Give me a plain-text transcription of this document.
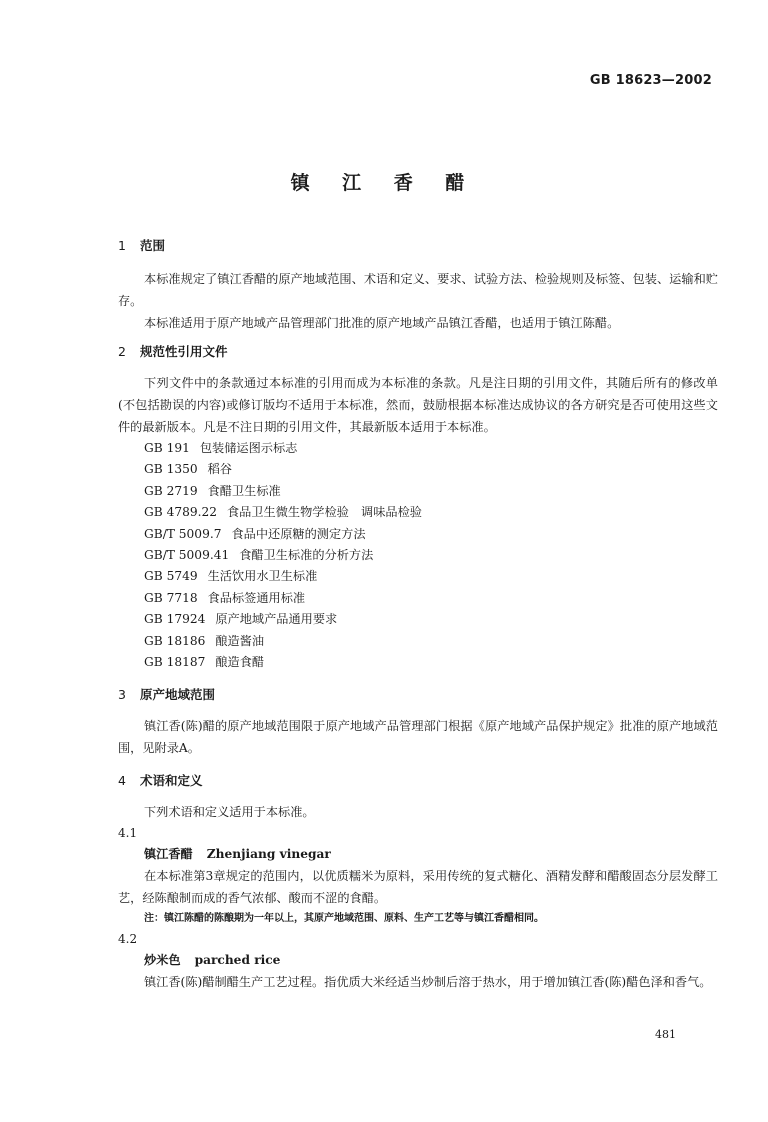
GB 18623—2002
镇 江 香 醋
1 范围

本标准规定了镇江香醋的原产地域范围、术语和定义、要求、试验方法、检验规则及标签、包装、运输和贮存。

本标准适用于原产地域产品管理部门批准的原产地域产品镇江香醋，也适用于镇江陈醋。

2 规范性引用文件

下列文件中的条款通过本标准的引用而成为本标准的条款。凡是注日期的引用文件，其随后所有的修改单(不包括勘误的内容)或修订版均不适用于本标准，然而，鼓励根据本标准达成协议的各方研究是否可使用这些文件的最新版本。凡是不注日期的引用文件，其最新版本适用于本标准。

GB 191 包装储运图示标志

GB 1350 稻谷

GB 2719 食醋卫生标准

GB 4789.22 食品卫生微生物学检验　调味品检验

GB/T 5009.7 食品中还原糖的测定方法

GB/T 5009.41 食醋卫生标准的分析方法

GB 5749 生活饮用水卫生标准

GB 7718 食品标签通用标准

GB 17924 原产地域产品通用要求

GB 18186 酿造酱油

GB 18187 酿造食醋

3 原产地域范围

镇江香(陈)醋的原产地域范围限于原产地域产品管理部门根据《原产地域产品保护规定》批准的原产地域范围，见附录A。

4 术语和定义

下列术语和定义适用于本标准。

4.1

镇江香醋 Zhenjiang vinegar

在本标准第3章规定的范围内，以优质糯米为原料，采用传统的复式糖化、酒精发酵和醋酸固态分层发酵工艺，经陈酿制而成的香气浓郁、酸而不涩的食醋。

注：镇江陈醋的陈酿期为一年以上，其原产地域范围、原料、生产工艺等与镇江香醋相同。

4.2

炒米色 parched rice

镇江香(陈)醋制醋生产工艺过程。指优质大米经适当炒制后溶于热水，用于增加镇江香(陈)醋色泽和香气。

481
